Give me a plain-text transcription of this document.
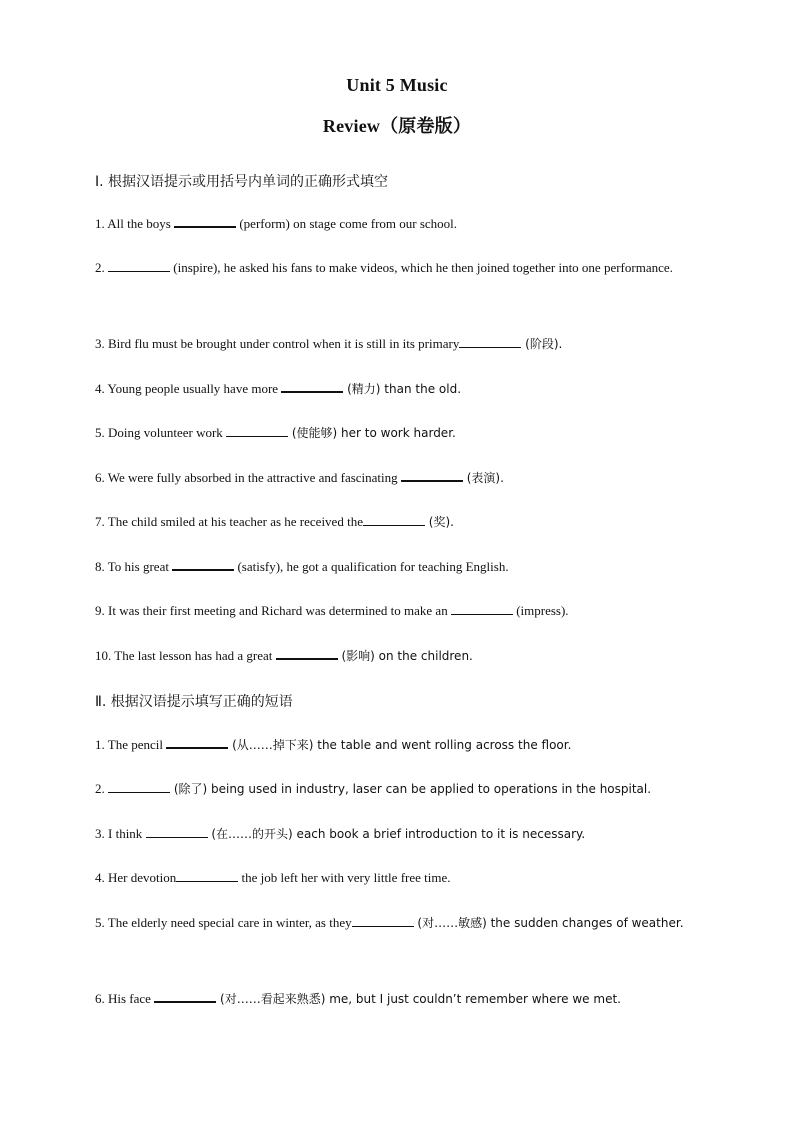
Unit 5 Music
Review（原卷版）
Ⅰ. 根据汉语提示或用括号内单词的正确形式填空
1. All the boys	(perform) on stage come from our school.
2.	(inspire), he asked his fans to make videos, which he then joined together into one performance.
3. Bird flu must be brought under control when it is still in its primary	(阶段).
4. Young people usually have more	(精力) than the old.
5. Doing volunteer work	(使能够) her to work harder.
6. We were fully absorbed in the attractive and fascinating	(表演).
7. The child smiled at his teacher as he received the	(奖).
8. To his great	(satisfy), he got a qualification for teaching English.
9. It was their first meeting and Richard was determined to make an	(impress).
10. The last lesson has had a great	(影响) on the children.
Ⅱ. 根据汉语提示填写正确的短语
1. The pencil	(从……掉下来) the table and went rolling across the floor.
2.	(除了) being used in industry, laser can be applied to operations in the hospital.
3. I think	(在……的开头) each book a brief introduction to it is necessary.
4. Her devotion	the job left her with very little free time.
5. The elderly need special care in winter, as they	(对……敏感) the sudden changes of weather.
6. His face	(对……看起来熟悉) me, but I just couldn’t remember where we met.
